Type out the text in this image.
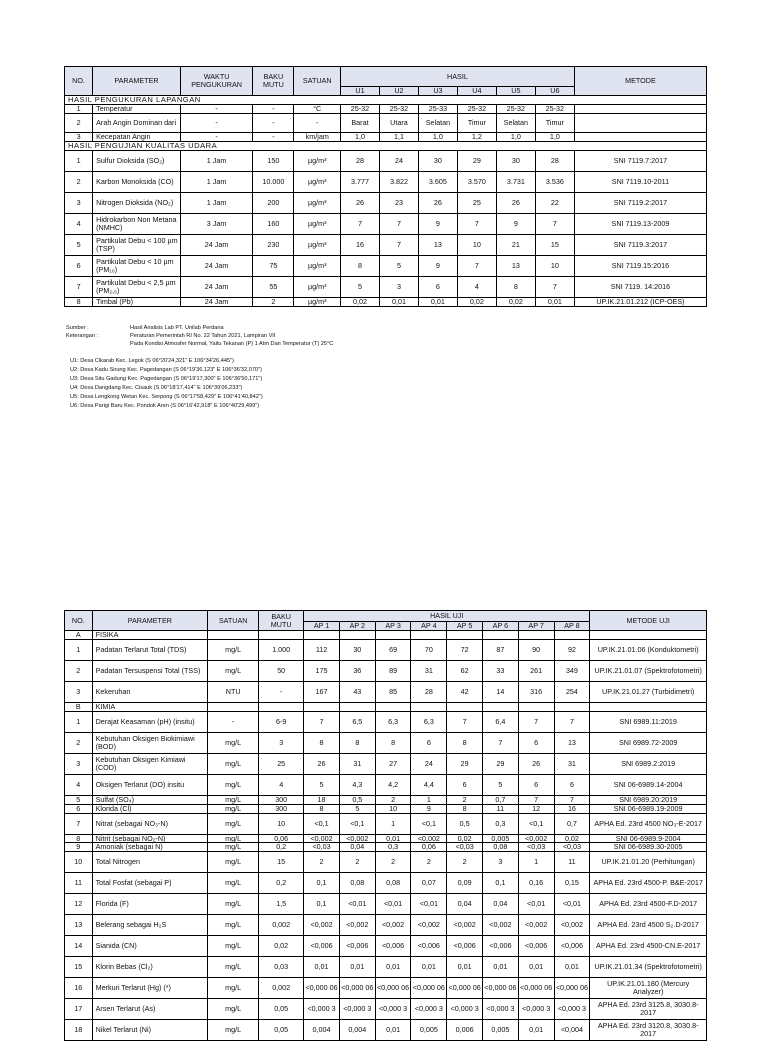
NO.	PARAMETER	WAKTU PENGUKURAN	BAKU MUTU	SATUAN	HASIL						METODE
					U1	U2	U3	U4	U5	U6	
HASIL PENGUKURAN LAPANGAN											
1	Temperatur	-	-	°C	25-32	25-32	25-33	25-32	25-32	25-32	
2	Arah Angin Dominan dari	-	-	-	Barat	Utara	Selatan	Timur	Selatan	Timur	
3	Kecepatan Angin	-	-	km/jam	1,0	1,1	1,0	1,2	1,0	1,0	
HASIL PENGUJIAN KUALITAS UDARA											
1	Sulfur Dioksida (SO₂)	1 Jam	150	µg/m³	28	24	30	29	30	28	SNI 7119.7:2017
2	Karbon Monoksida (CO)	1 Jam	10.000	µg/m³	3.777	3.822	3.605	3.570	3.731	3.536	SNI 7119.10-2011
3	Nitrogen Dioksida (NO₂)	1 Jam	200	µg/m³	26	23	26	25	26	22	SNI 7119.2:2017
4	Hidrokarbon Non Metana (NMHC)	3 Jam	160	µg/m³	7	7	9	7	9	7	SNI 7119.13-2009
5	Partikulat Debu < 100 µm (TSP)	24 Jam	230	µg/m³	16	7	13	10	21	15	SNI 7119.3:2017
6	Partikulat Debu < 10 µm (PM₁₀)	24 Jam	75	µg/m³	8	5	9	7	13	10	SNI 7119.15:2016
7	Partikulat Debu < 2,5 µm (PM₂,₅)	24 Jam	55	µg/m³	5	3	6	4	8	7	SNI 7119. 14:2016
8	Timbal (Pb)	24 Jam	2	µg/m³	0,02	0,01	0,01	0,02	0,02	0,01	UP.IK.21.01.212 (ICP-OES)
Sumber :	Hasil Analisis Lab PT. Unilab Perdana
Keterangan :	Peraturan Pemerintah RI No. 22 Tahun 2021, Lampiran VII
Pada Kondisi Atmosfer Normal, Yaitu Tekanan (P) 1 Atm Dan Temperatur (T) 25°C
U1: Desa Cikarab Kec. Legok (S 06°20'24,321" E 106°34'26,445")
U2: Desa Kadu Sirung Kec. Pagedangan (S 06°19'36,123" E 106°36'32,070")
U3: Desa Situ Gadung Kec. Pagedangan (S 06°19'17,300" E 106°36'50,171")
U4: Desa Dangdang Kec. Cisauk (S 06°18'17,414" E 106°39'06,233")
U5: Desa Lengkong Wetan Kec. Serpong (S 06°17'58,429" E 106°41'40,842")
U6: Desa Parigi Baru Kec. Pondok Aren (S 06°16'42,918" E 106°40'29,499")
NO.	PARAMETER	SATUAN	BAKU MUTU	HASIL UJI								METODE UJI
				AP 1	AP 2	AP 3	AP 4	AP 5	AP 6	AP 7	AP 8	
A	FISIKA											
1	Padatan Terlarut Total (TDS)	mg/L	1.000	112	30	69	70	72	87	90	92	UP.IK.21.01.06 (Konduktometri)
2	Padatan Tersuspensi Total (TSS)	mg/L	50	175	36	89	31	62	33	261	349	UP.IK.21.01.07 (Spektrofotometri)
3	Kekeruhan	NTU	-	167	43	85	28	42	14	316	254	UP.IK.21.01.27 (Turbidimetri)
B	KIMIA											
1	Derajat Keasaman (pH) (insitu)	-	6-9	7	6,5	6,3	6,3	7	6,4	7	7	SNI 6989.11:2019
2	Kebutuhan Oksigen Biokimiawi (BOD)	mg/L	3	8	8	8	6	8	7	6	13	SNI 6989.72-2009
3	Kebutuhan Oksigen Kimiawi (COD)	mg/L	25	26	31	27	24	29	29	26	31	SNI 6989.2:2019
4	Oksigen Terlarut (DO) insitu	mg/L	4	5	4,3	4,2	4,4	6	5	6	6	SNI 06-6989.14-2004
5	Sulfat (SO₄)	mg/L	300	18	0,5	2	1	2	0,7	7	7	SNI 6989.20:2019
6	Klorida (Cl)	mg/L	300	8	5	10	9	8	11	12	16	SNI 06-6989.19-2009
7	Nitrat (sebagai NO₃-N)	mg/L	10	<0,1	<0,1	1	<0,1	0,5	0,3	<0,1	0,7	APHA Ed. 23rd 4500 NO₃-E-2017
8	Nitrit (sebagai NO₂-N)	mg/L	0,06	<0,002	<0,002	0,01	<0,002	0,02	0,005	<0,002	0,02	SNI 06-6989.9-2004
9	Amoniak (sebagai N)	mg/L	0,2	<0,03	0,04	0,3	0,06	<0,03	0,08	<0,03	<0,03	SNI 06-6989.30-2005
10	Total Nitrogen	mg/L	15	2	2	2	2	2	3	1	11	UP.IK.21.01.20 (Perhitungan)
11	Total Fosfat (sebagai P)	mg/L	0,2	0,1	0,08	0,08	0,07	0,09	0,1	0,16	0,15	APHA Ed. 23rd 4500-P. B&E-2017
12	Florida (F)	mg/L	1,5	0,1	<0,01	<0,01	<0,01	0,04	0,04	<0,01	<0,01	APHA Ed. 23rd 4500-F.D-2017
13	Belerang sebagai H₂S	mg/L	0,002	<0,002	<0,002	<0,002	<0,002	<0,002	<0,002	<0,002	<0,002	APHA Ed. 23rd 4500 S₂.D-2017
14	Sianida (CN)	mg/L	0,02	<0,006	<0,006	<0,006	<0,006	<0,006	<0,006	<0,006	<0,006	APHA Ed. 23rd 4500-CN.E-2017
15	Klorin Bebas (Cl₂)	mg/L	0,03	0,01	0,01	0,01	0,01	0,01	0,01	0,01	0,01	UP.IK.21.01.34 (Spektrofotometri)
16	Merkuri Terlarut (Hg) (*)	mg/L	0,002	<0,000 06	<0,000 06	<0,000 06	<0,000 06	<0,000 06	<0,000 06	<0,000 06	<0,000 06	UP.IK.21.01.180 (Mercury Analyzer)
17	Arsen Terlarut (As)	mg/L	0,05	<0,000 3	<0,000 3	<0,000 3	<0,000 3	<0,000 3	<0,000 3	<0,000 3	<0,000 3	APHA Ed. 23rd 3125.8, 3030.8-2017
18	Nikel Terlarut (Ni)	mg/L	0,05	0,004	0,004	0,01	0,005	0,006	0,005	0,01	<0,004	APHA Ed. 23rd 3120.8, 3030.8-2017
